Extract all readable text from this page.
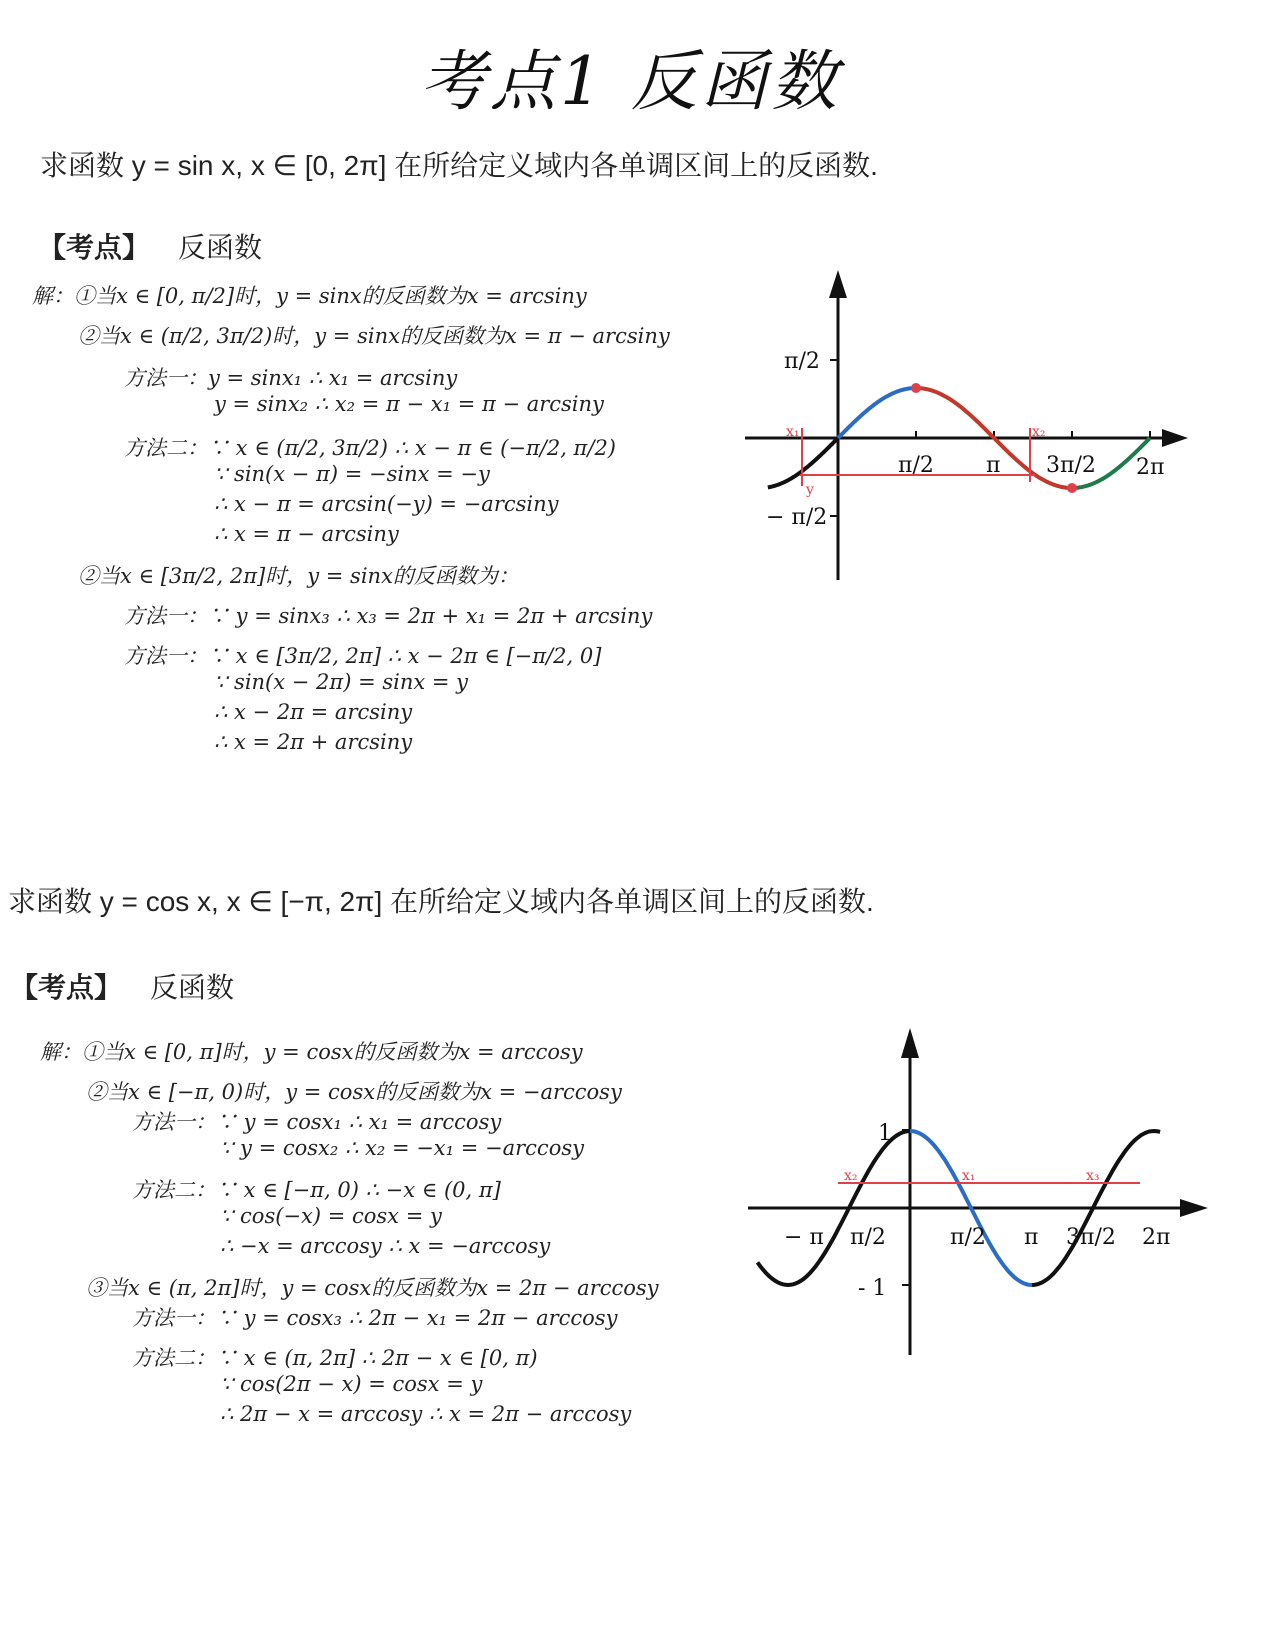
考点1 反函数
求函数 y = sin x, x ∈ [0, 2π] 在所给定义域内各单调区间上的反函数.
【考点】 反函数
解：①当x ∈ [0, π/2]时，y = sinx的反函数为x = arcsiny
②当x ∈ (π/2, 3π/2)时，y = sinx的反函数为x = π − arcsiny
方法一：y = sinx₁ ∴ x₁ = arcsiny
y = sinx₂ ∴ x₂ = π − x₁ = π − arcsiny
方法二：∵ x ∈ (π/2, 3π/2) ∴ x − π ∈ (−π/2, π/2)
∵ sin(x − π) = −sinx = −y
∴ x − π = arcsin(−y) = −arcsiny
∴ x = π − arcsiny
②当x ∈ [3π/2, 2π]时，y = sinx的反函数为：
方法一：∵ y = sinx₃ ∴ x₃ = 2π + x₁ = 2π + arcsiny
方法一：∵ x ∈ [3π/2, 2π] ∴ x − 2π ∈ [−π/2, 0]
∵ sin(x − 2π) = sinx = y
∴ x − 2π = arcsiny
∴ x = 2π + arcsiny
x₁
y
x₂
π/2
− π/2
π/2 π 3π/2 2π
求函数 y = cos x, x ∈ [−π, 2π] 在所给定义域内各单调区间上的反函数.
【考点】 反函数
解：①当x ∈ [0, π]时，y = cosx的反函数为x = arccosy
②当x ∈ [−π, 0)时，y = cosx的反函数为x = −arccosy
方法一：∵ y = cosx₁ ∴ x₁ = arccosy
∵ y = cosx₂ ∴ x₂ = −x₁ = −arccosy
方法二：∵ x ∈ [−π, 0) ∴ −x ∈ (0, π]
∵ cos(−x) = cosx = y
∴ −x = arccosy ∴ x = −arccosy
③当x ∈ (π, 2π]时，y = cosx的反函数为x = 2π − arccosy
方法一：∵ y = cosx₃ ∴ 2π − x₁ = 2π − arccosy
方法二：∵ x ∈ (π, 2π] ∴ 2π − x ∈ [0, π)
∵ cos(2π − x) = cosx = y
∴ 2π − x = arccosy ∴ x = 2π − arccosy
x₂	x₁	x₃
1
- 1
− π π/2	π/2 π 3π/2 2π
